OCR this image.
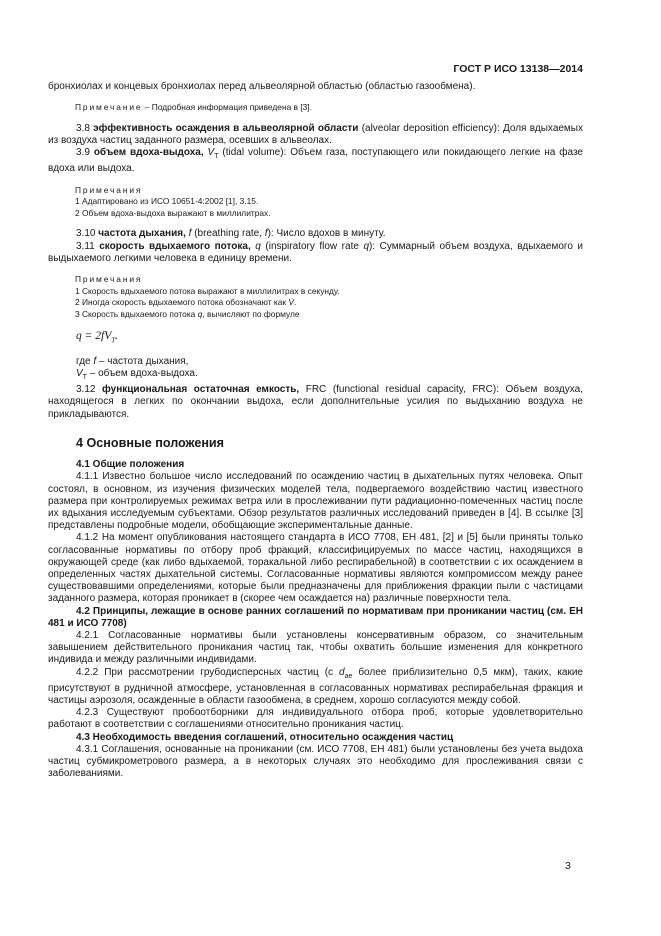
ГОСТ Р ИСО 13138—2014

бронхиолах и концевых бронхиолах перед альвеолярной областью (областью газообмена).

Примечание – Подробная информация приведена в [3].

3.8 эффективность осаждения в альвеолярной области (alveolar deposition efficiency): Доля вдыхаемых из воздуха частиц заданного размера, осевших в альвеолах.

3.9 объем вдоха-выдоха, $V_T$ (tidal volume): Объем газа, поступающего или покидающего легкие на фазе вдоха или выдоха.

Примечания

1 Адаптировано из ИСО 10651-4:2002 [1], 3.15.

2 Объем вдоха-выдоха выражают в миллилитрах.

3.10 частота дыхания, f (breathing rate, f): Число вдохов в минуту.

3.11 скорость вдыхаемого потока, q (inspiratory flow rate q): Суммарный объем воздуха, вдыхаемого и выдыхаемого легкими человека в единицу времени.

Примечания

1 Скорость вдыхаемого потока выражают в миллилитрах в секунду.

2 Иногда скорость вдыхаемого потока обозначают как V̇.

3 Скорость вдыхаемого потока q, вычисляют по формуле

$q = 2fV_T$.

где f – частота дыхания,

$V_T$ – объем вдоха-выдоха.

3.12 функциональная остаточная емкость, FRC (functional residual capacity, FRC): Объем воздуха, находящегося в легких по окончании выдоха, если дополнительные усилия по выдыханию воздуха не прикладываются.

4 Основные положения

4.1 Общие положения

4.1.1 Известно большое число исследований по осаждению частиц в дыхательных путях человека. Опыт состоял, в основном, из изучения физических моделей тела, подвергаемого воздействию частиц известного размера при контролируемых режимах ветра или в прослеживании пути радиационно-помеченных частиц после их вдыхания исследуемым субъектами. Обзор результатов различных исследований приведен в [4]. В ссылке [3] представлены подробные модели, обобщающие экспериментальные данные.

4.1.2 На момент опубликования настоящего стандарта в ИСО 7708, ЕН 481, [2] и [5] были приняты только согласованные нормативы по отбору проб фракций, классифицируемых по массе частиц, находящихся в окружающей среде (как либо вдыхаемой, торакальной либо респирабельной) в соответствии с их осаждением в определенных частях дыхательной системы. Согласованные нормативы являются компромиссом между ранее существовавшими определениями, которые были предназначены для приближения фракции пыли с частицами заданного размера, которая проникает в (скорее чем осаждается на) различные поверхности тела.

4.2 Принципы, лежащие в основе ранних соглашений по нормативам при проникании частиц (см. ЕН 481 и ИСО 7708)

4.2.1 Согласованные нормативы были установлены консервативным образом, со значительным завышением действительного проникания частиц так, чтобы охватить большие изменения для конкретного индивида и между различными индивидами.

4.2.2 При рассмотрении грубодисперсных частиц (с $d_{ae}$ более приблизительно 0,5 мкм), таких, какие присутствуют в рудничной атмосфере, установленная в согласованных нормативах респирабельная фракция и частицы аэрозоля, осажденные в области газообмена, в среднем, хорошо согласуются между собой.

4.2.3 Существуют пробоотборники для индивидуального отбора проб, которые удовлетворительно работают в соответствии с соглашениями относительно проникания частиц.

4.3 Необходимость введения соглашений, относительно осаждения частиц

4.3.1 Соглашения, основанные на проникании (см. ИСО 7708, ЕН 481) были установлены без учета выдоха частиц субмикрометрового размера, а в некоторых случаях это необходимо для прослеживания связи с заболеваниями.

3
